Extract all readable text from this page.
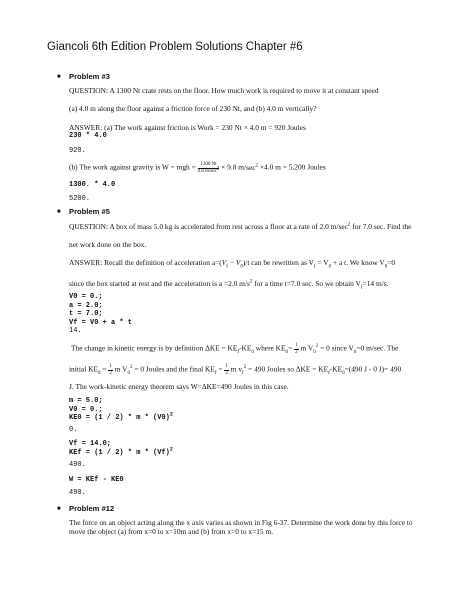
Giancoli 6th Edition Problem Solutions Chapter #6
■ Problem #3
QUESTION: A 1300 Nt crate rests on the floor. How much work is required to move it at constant speed
(a) 4.0 m along the floor against a friction force of 230 Nt, and (b) 4.0 m vertically?
ANSWER: (a) The work against friction is Work = 230 Nt × 4.0 m = 920 Joules
230 * 4.0
920.
(b) The work against gravity is W = mgh = $\frac{1300 Nt}{9.8 m/\sec^2} \times 9.8$ $m/\sec^2 \times 4.0$ m = 5,200 Joules
1300. * 4.0
5200.
■ Problem #5
QUESTION: A box of mass 5.0 kg is accelerated from rest across a floor at a rate of 2.0 $m/\sec^2$ for 7.0 sec. Find the
net work done on the box.
ANSWER: Recall the definition of acceleration $a=(V_f - V_0)/t$ can be rewritten as $V_f = V_0 + a$ t. We know $V_0=0$
since the box started at rest and the acceleration is a =2.0 $m/s^2$ for a time t=7.0 sec. So we obtain $V_f=14$ m/s.
V0 = 0.;
a = 2.0;
t = 7.0;
Vf = V0 + a * t
14.
The change in kinetic energy is by definition $\Delta KE = KE_f-KE_0$ where $KE_0= \frac{1}{2}$ m $V_0^2 = 0$ since $V_0=0$ m/sec. The
initial $KE_0 = \frac{1}{2}$ m $V_0^2 = 0$ Joules and the final $KE_f = \frac{1}{2}$ m $v_f^2 = 490$ Joules so $\Delta KE = KE_f-KE_0=(490$ J - 0 J)= 490
J. The work-kinetic energy theorem says W=ΔKE=490 Joules in this case.
m = 5.0;
V0 = 0.;
$KE0 = (1 / 2) * m * (V0)^2$
0.
Vf = 14.0;
KEf = (1 / 2) * m * $(Vf)^2$
490.
W = KEf - KE0
490.
■ Problem #12
The force on an object acting along the x axis varies as shown in Fig 6-37. Determine the work done by this force to
move the object (a) from x=0 to x=10m and (b) from x=0 to x=15 m.
